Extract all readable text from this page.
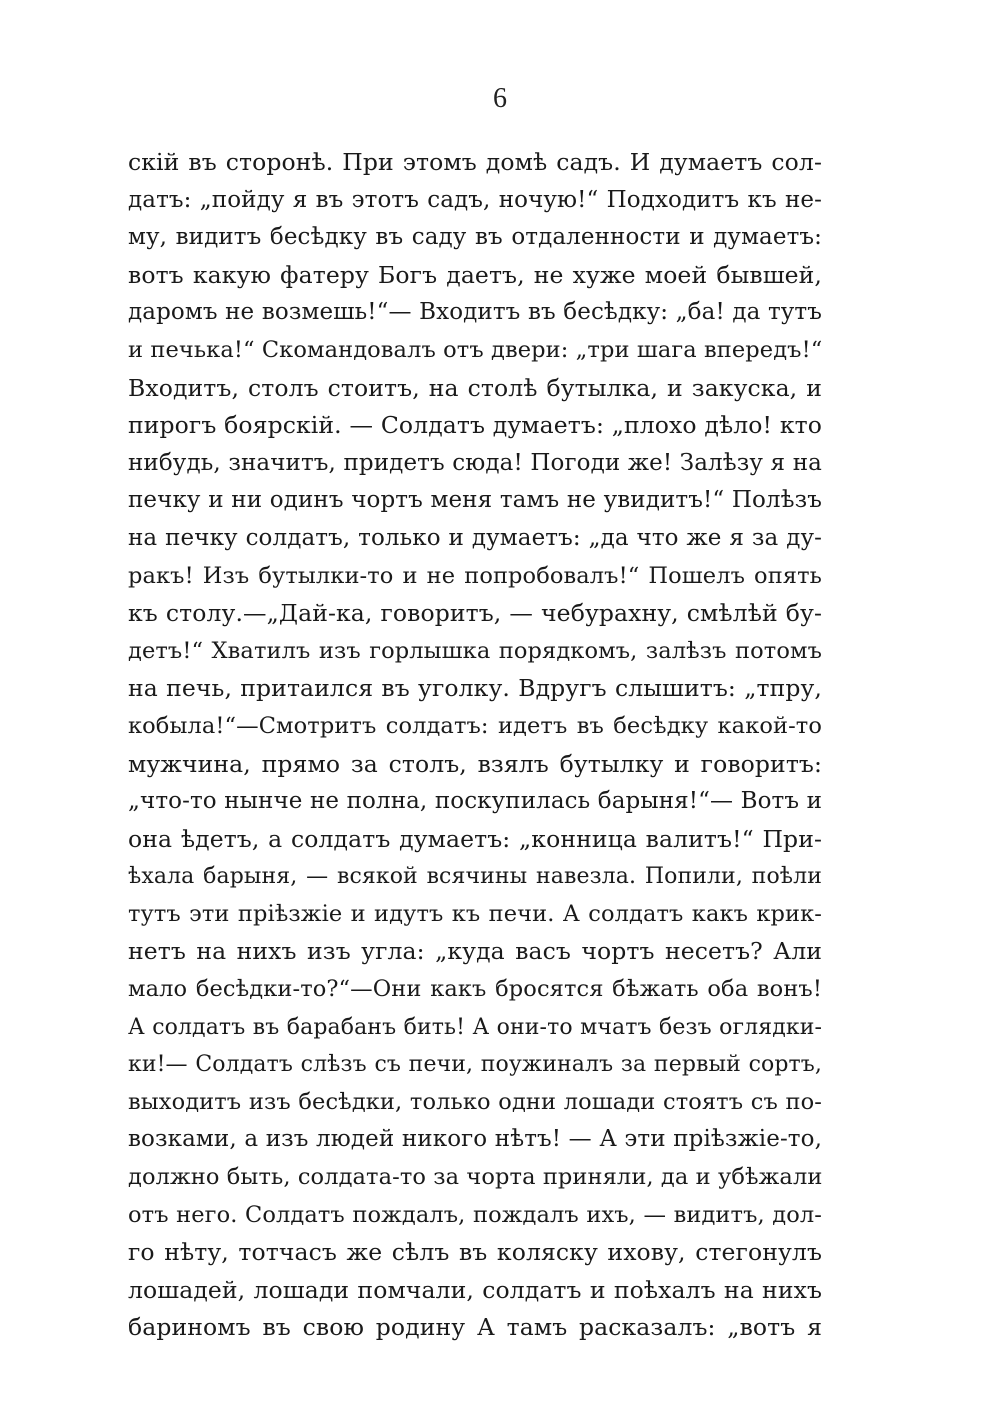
6
скій въ сторонѣ. При этомъ домѣ садъ. И думаетъ сол-
датъ: „пойду я въ этотъ садъ, ночую!“ Подходитъ къ не-
му, видитъ бесѣдку въ саду въ отдаленности и думаетъ:
вотъ какую фатеру Богъ даетъ, не хуже моей бывшей,
даромъ не возмешь!“— Входитъ въ бесѣдку: „ба! да тутъ
и печька!“ Скомандовалъ отъ двери: „три шага впередъ!“
Входитъ, столъ стоитъ, на столѣ бутылка, и закуска, и
пирогъ боярскій. — Солдатъ думаетъ: „плохо дѣло! кто
нибудь, значитъ, придетъ сюда! Погоди же! Залѣзу я на
печку и ни одинъ чортъ меня тамъ не увидитъ!“ Полѣзъ
на печку солдатъ, только и думаетъ: „да что же я за ду-
ракъ! Изъ бутылки-то и не попробовалъ!“ Пошелъ опять
къ столу.—„Дай-ка, говоритъ, — чебурахну, смѣлѣй бу-
детъ!“ Хватилъ изъ горлышка порядкомъ, залѣзъ потомъ
на печь, притаился въ уголку. Вдругъ слышитъ: „тпру,
кобыла!“—Смотритъ солдатъ: идетъ въ бесѣдку какой-то
мужчина, прямо за столъ, взялъ бутылку и говоритъ:
„что-то нынче не полна, поскупилась барыня!“— Вотъ и
она ѣдетъ, а солдатъ думаетъ: „конница валитъ!“ При-
ѣхала барыня, — всякой всячины навезла. Попили, поѣли
тутъ эти пріѣзжіе и идутъ къ печи. А солдатъ какъ крик-
нетъ на нихъ изъ угла: „куда васъ чортъ несетъ? Али
мало бесѣдки-то?“—Они какъ бросятся бѣжать оба вонъ!
А солдатъ въ барабанъ бить! А они-то мчатъ безъ оглядки-
ки!— Солдатъ слѣзъ съ печи, поужиналъ за первый сортъ,
выходитъ изъ бесѣдки, только одни лошади стоятъ съ по-
возками, а изъ людей никого нѣтъ! — А эти пріѣзжіе-то,
должно быть, солдата-то за чорта приняли, да и убѣжали
отъ него. Солдатъ пождалъ, пождалъ ихъ, — видитъ, дол-
го нѣту, тотчасъ же сѣлъ въ коляску ихову, стегонулъ
лошадей, лошади помчали, солдатъ и поѣхалъ на нихъ
бариномъ въ свою родину А тамъ расказалъ: „вотъ я
